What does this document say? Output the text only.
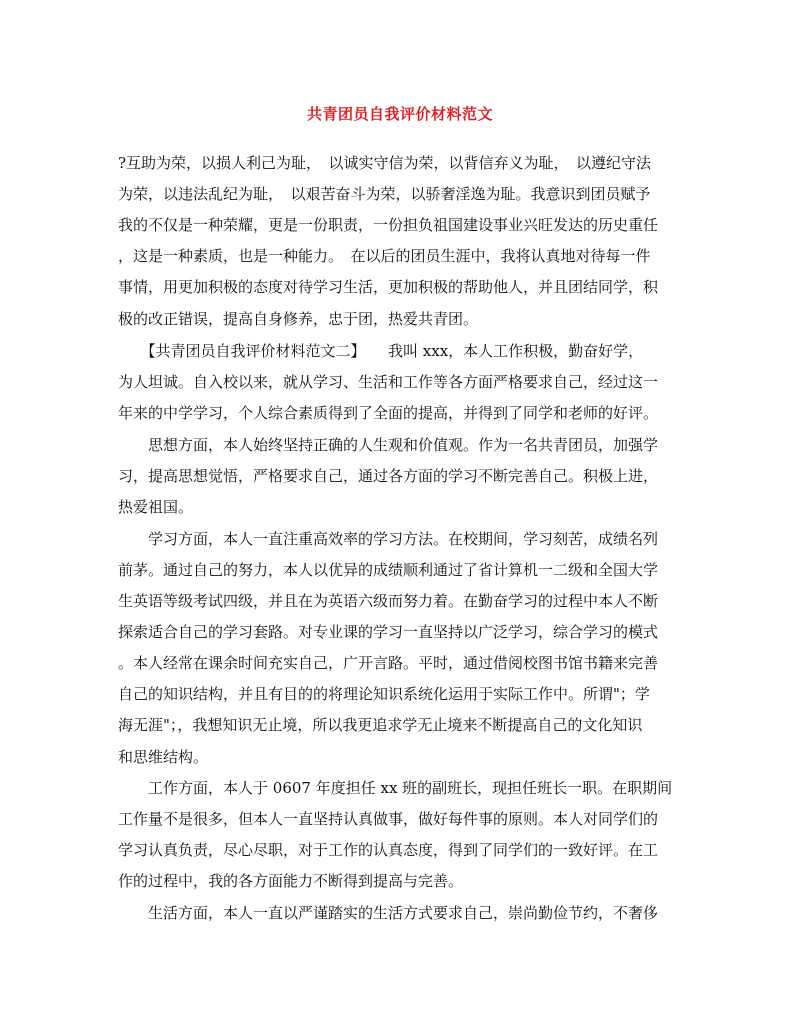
共青团员自我评价材料范文
?互助为荣，以损人利己为耻，　以诚实守信为荣，以背信弃义为耻，　以遵纪守法
为荣，以违法乱纪为耻，　以艰苦奋斗为荣，以骄奢淫逸为耻。我意识到团员赋予
我的不仅是一种荣耀，更是一份职责，一份担负祖国建设事业兴旺发达的历史重任
，这是一种素质，也是一种能力。　在以后的团员生涯中，我将认真地对待每一件
事情，用更加积极的态度对待学习生活，更加积极的帮助他人，并且团结同学，积
极的改正错误，提高自身修养，忠于团，热爱共青团。
　　【共青团员自我评价材料范文二】　　我叫 xxx，本人工作积极，勤奋好学，
为人坦诚。自入校以来，就从学习、生活和工作等各方面严格要求自己，经过这一
年来的中学学习，个人综合素质得到了全面的提高，并得到了同学和老师的好评。
　　思想方面，本人始终坚持正确的人生观和价值观。作为一名共青团员，加强学
习，提高思想觉悟，严格要求自己，通过各方面的学习不断完善自己。积极上进，
热爱祖国。
　　学习方面，本人一直注重高效率的学习方法。在校期间，学习刻苦，成绩名列
前茅。通过自己的努力，本人以优异的成绩顺利通过了省计算机一二级和全国大学
生英语等级考试四级，并且在为英语六级而努力着。在勤奋学习的过程中本人不断
探索适合自己的学习套路。对专业课的学习一直坚持以广泛学习，综合学习的模式
。本人经常在课余时间充实自己，广开言路。平时，通过借阅校图书馆书籍来完善
自己的知识结构，并且有目的的将理论知识系统化运用于实际工作中。所谓"；学
海无涯"；，我想知识无止境，所以我更追求学无止境来不断提高自己的文化知识
和思维结构。
　　工作方面，本人于 0607 年度担任 xx 班的副班长，现担任班长一职。在职期间
工作量不是很多，但本人一直坚持认真做事，做好每件事的原则。本人对同学们的
学习认真负责，尽心尽职，对于工作的认真态度，得到了同学们的一致好评。在工
作的过程中，我的各方面能力不断得到提高与完善。
　　生活方面，本人一直以严谨踏实的生活方式要求自己，崇尚勤俭节约，不奢侈
